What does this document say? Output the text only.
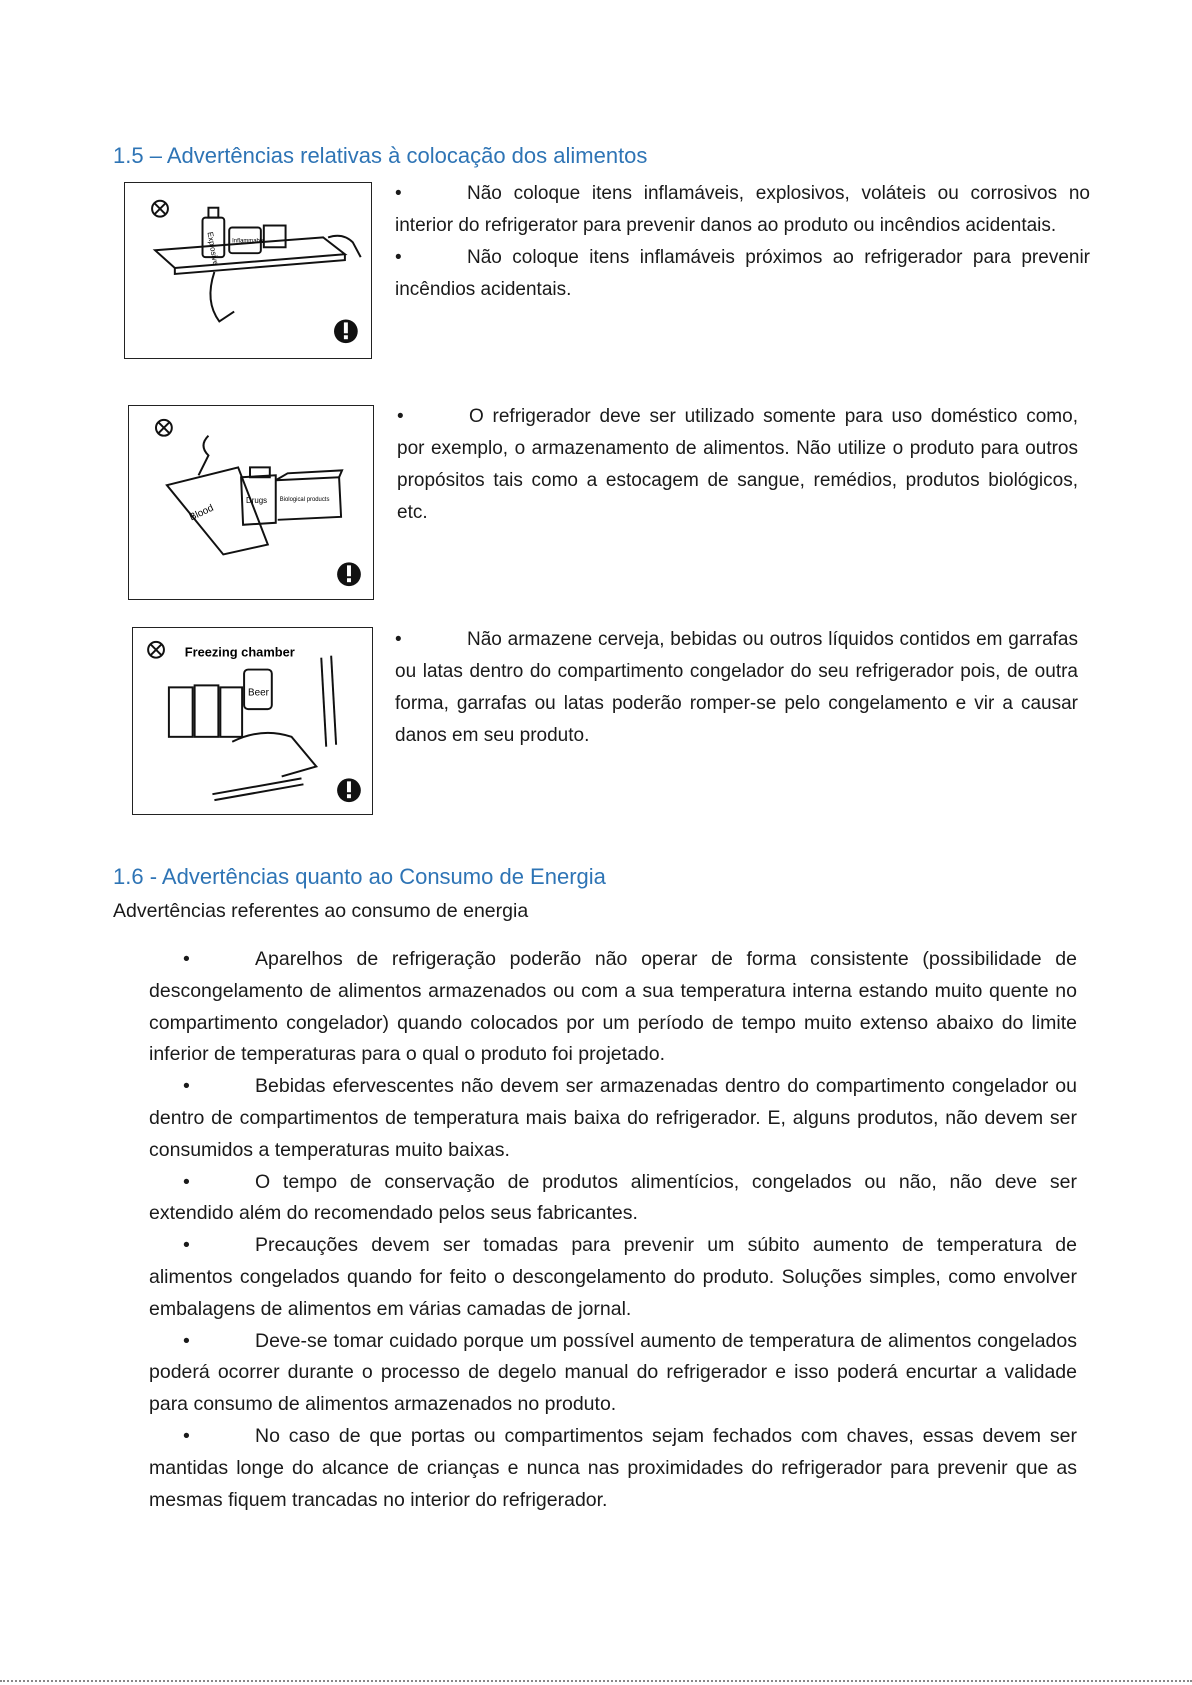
1.5 – Advertências relativas à colocação dos alimentos
Explosive Inflammable

•	Não coloque itens inflamáveis, explosivos, voláteis ou corrosivos no interior do refrigerator para prevenir danos ao produto ou incêndios acidentais.

•	Não coloque itens inflamáveis próximos ao refrigerador para prevenir incêndios acidentais.

Blood
Drugs Biological products

•	O refrigerador deve ser utilizado somente para uso doméstico como, por exemplo, o armazenamento de alimentos. Não utilize o produto para outros propósitos tais como a estocagem de sangue, remédios, produtos biológicos, etc.

Freezing chamber
Beer

•	Não armazene cerveja, bebidas ou outros líquidos contidos em garrafas ou latas dentro do compartimento congelador do seu refrigerador pois, de outra forma, garrafas ou latas poderão romper-se pelo congelamento e vir a causar danos em seu produto.

1.6 - Advertências quanto ao Consumo de Energia

Advertências referentes ao consumo de energia

•	Aparelhos de refrigeração poderão não operar de forma consistente (possibilidade de descongelamento de alimentos armazenados ou com a sua temperatura interna estando muito quente no compartimento congelador) quando colocados por um período de tempo muito extenso abaixo do limite inferior de temperaturas para o qual o produto foi projetado.

•	Bebidas efervescentes não devem ser armazenadas dentro do compartimento congelador ou dentro de compartimentos de temperatura mais baixa do refrigerador. E, alguns produtos, não devem ser consumidos a temperaturas muito baixas.

•	O tempo de conservação de produtos alimentícios, congelados ou não, não deve ser extendido além do recomendado pelos seus fabricantes.

•	Precauções devem ser tomadas para prevenir um súbito aumento de temperatura de alimentos congelados quando for feito o descongelamento do produto. Soluções simples, como envolver embalagens de alimentos em várias camadas de jornal.

•	Deve-se tomar cuidado porque um possível aumento de temperatura de alimentos congelados poderá ocorrer durante o processo de degelo manual do refrigerador e isso poderá encurtar a validade para consumo de alimentos armazenados no produto.

•	No caso de que portas ou compartimentos sejam fechados com chaves, essas devem ser mantidas longe do alcance de crianças e nunca nas proximidades do refrigerador para prevenir que as mesmas fiquem trancadas no interior do refrigerador.
